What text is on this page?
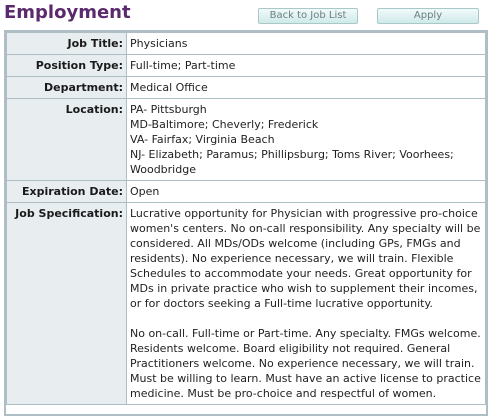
Employment	Back to Job List	Apply
Job Title:	Physicians
Position Type:	Full-time; Part-time
Department:	Medical Office
Location:	PA- Pittsburgh
MD-Baltimore; Cheverly; Frederick
VA- Fairfax; Virginia Beach
NJ- Elizabeth; Paramus; Phillipsburg; Toms River; Voorhees;
Woodbridge

Expiration Date:	Open
Job Specification:	Lucrative opportunity for Physician with progressive pro-choice women's centers. No on-call responsibility. Any specialty will be considered. All MDs/ODs welcome (including GPs, FMGs and residents). No experience necessary, we will train. Flexible Schedules to accommodate your needs. Great opportunity for MDs in private practice who wish to supplement their incomes, or for doctors seeking a Full-time lucrative opportunity.
No on-call. Full-time or Part-time. Any specialty. FMGs welcome. Residents welcome. Board eligibility not required. General Practitioners welcome. No experience necessary, we will train. Must be willing to learn. Must have an active license to practice medicine. Must be pro-choice and respectful of women.
